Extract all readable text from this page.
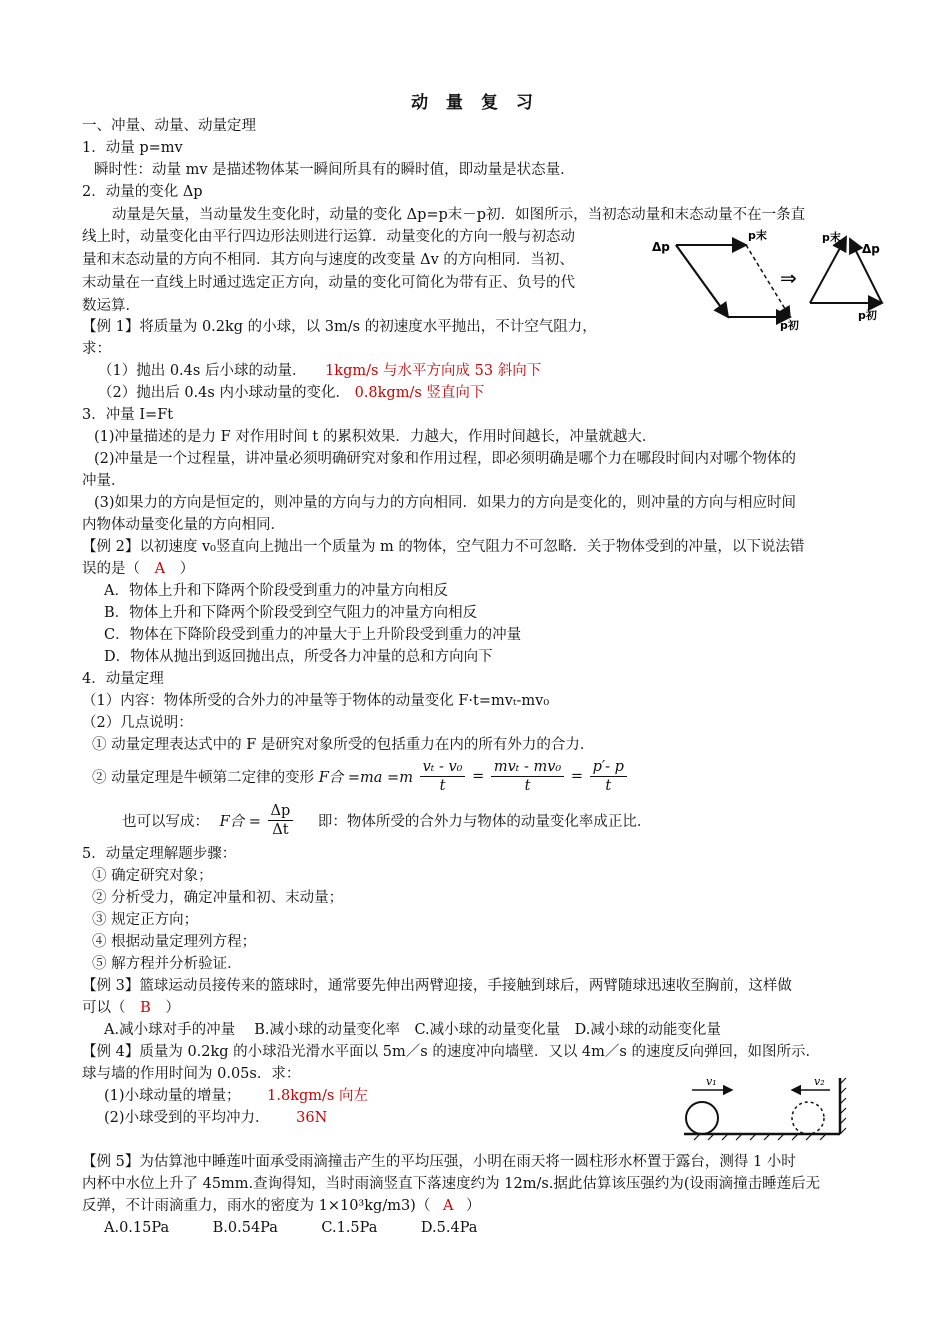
动 量 复 习
一、冲量、动量、动量定理
1．动量 p=mv
瞬时性：动量 mv 是描述物体某一瞬间所具有的瞬时值，即动量是状态量．
2．动量的变化 Δp
动量是矢量，当动量发生变化时，动量的变化 Δp=p末－p初．如图所示，当初态动量和末态动量不在一条直
线上时，动量变化由平行四边形法则进行运算．动量变化的方向一般与初态动
量和末态动量的方向不相同．其方向与速度的改变量 Δv 的方向相同．当初、
末动量在一直线上时通过选定正方向，动量的变化可简化为带有正、负号的代
数运算．
Δp
p末
p初
⇒
p末
Δp
p初
【例 1】将质量为 0.2kg 的小球，以 3m/s 的初速度水平抛出，不计空气阻力，
求：
（1）抛出 0.4s 后小球的动量． 1kgm/s 与水平方向成 53 斜向下
（2）抛出后 0.4s 内小球动量的变化． 0.8kgm/s 竖直向下
3．冲量 I=Ft
(1)冲量描述的是力 F 对作用时间 t 的累积效果．力越大，作用时间越长，冲量就越大．
(2)冲量是一个过程量，讲冲量必须明确研究对象和作用过程，即必须明确是哪个力在哪段时间内对哪个物体的
冲量．
(3)如果力的方向是恒定的，则冲量的方向与力的方向相同．如果力的方向是变化的，则冲量的方向与相应时间
内物体动量变化量的方向相同．
【例 2】以初速度 v₀竖直向上抛出一个质量为 m 的物体，空气阻力不可忽略．关于物体受到的冲量，以下说法错
误的是（ A ）
A．物体上升和下降两个阶段受到重力的冲量方向相反
B．物体上升和下降两个阶段受到空气阻力的冲量方向相反
C．物体在下降阶段受到重力的冲量大于上升阶段受到重力的冲量
D．物体从抛出到返回抛出点，所受各力冲量的总和方向向下
4．动量定理
（1）内容：物体所受的合外力的冲量等于物体的动量变化 F·t=mvₜ-mv₀
（2）几点说明：
① 动量定理表达式中的 F 是研究对象所受的包括重力在内的所有外力的合力．
② 动量定理是牛顿第二定律的变形 F合 $=ma =m \frac{\text{vₜ - v₀}}{t} = \frac{\text{mvₜ - mv₀}}{t} = \frac{p'- p}{t}$
也可以写成： F合 = $\frac{\Delta p}{\Delta t}$ 即：物体所受的合外力与物体的动量变化率成正比．
5．动量定理解题步骤：
① 确定研究对象；
② 分析受力，确定冲量和初、末动量；
③ 规定正方向；
④ 根据动量定理列方程；
⑤ 解方程并分析验证．
【例 3】篮球运动员接传来的篮球时，通常要先伸出两臂迎接，手接触到球后，两臂随球迅速收至胸前，这样做
可以（ B ）
A.减小球对手的冲量　 B.减小球的动量变化率　C.减小球的动量变化量　D.减小球的动能变化量
【例 4】质量为 0.2kg 的小球沿光滑水平面以 5m／s 的速度冲向墙壁．又以 4m／s 的速度反向弹回，如图所示．
球与墙的作用时间为 0.05s．求：
(1)小球动量的增量； 1.8kgm/s 向左
(2)小球受到的平均冲力． 36N
v₁	v₂
【例 5】为估算池中睡莲叶面承受雨滴撞击产生的平均压强，小明在雨天将一圆柱形水杯置于露台，测得 1 小时
内杯中水位上升了 45mm.查询得知，当时雨滴竖直下落速度约为 12m/s.据此估算该压强约为(设雨滴撞击睡莲后无
反弹，不计雨滴重力，雨水的密度为 1×10³kg/m3)（ A ）
A.0.15Pa　　　B.0.54Pa　　　C.1.5Pa　　　D.5.4Pa
